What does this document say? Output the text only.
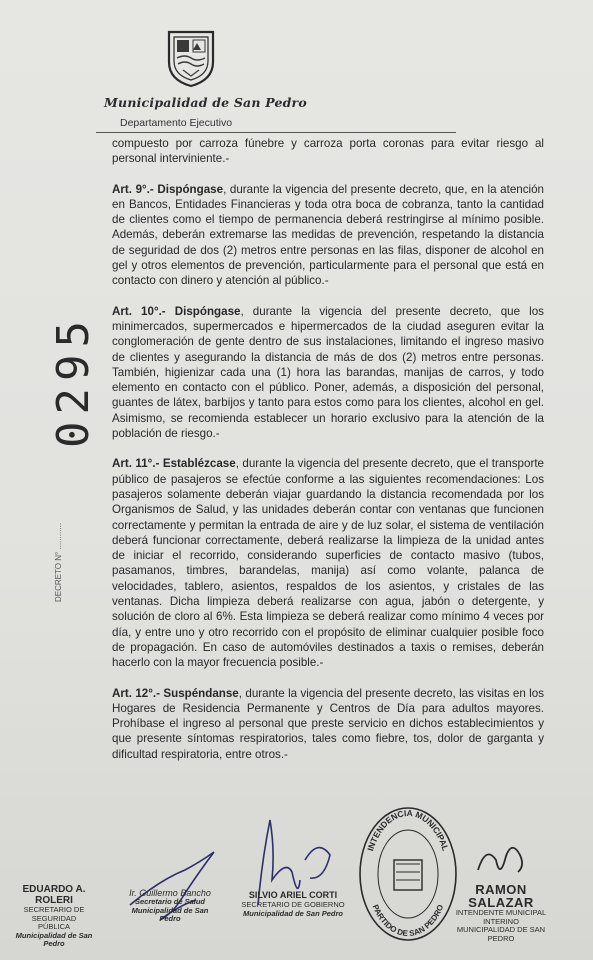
Municipalidad de San Pedro
Departamento Ejecutivo
0295
DECRETO N° ............

compuesto por carroza fúnebre y carroza porta coronas para evitar riesgo al personal interviniente.-

Art. 9°.- Dispóngase, durante la vigencia del presente decreto, que, en la atención en Bancos, Entidades Financieras y toda otra boca de cobranza, tanto la cantidad de clientes como el tiempo de permanencia deberá restringirse al mínimo posible. Además, deberán extremarse las medidas de prevención, respetando la distancia de seguridad de dos (2) metros entre personas en las filas, disponer de alcohol en gel y otros elementos de prevención, particularmente para el personal que está en contacto con dinero y atención al público.-

Art. 10°.- Dispóngase, durante la vigencia del presente decreto, que los minimercados, supermercados e hipermercados de la ciudad aseguren evitar la conglomeración de gente dentro de sus instalaciones, limitando el ingreso masivo de clientes y asegurando la distancia de más de dos (2) metros entre personas. También, higienizar cada una (1) hora las barandas, manijas de carros, y todo elemento en contacto con el público. Poner, además, a disposición del personal, guantes de látex, barbijos y tanto para estos como para los clientes, alcohol en gel. Asimismo, se recomienda establecer un horario exclusivo para la atención de la población de riesgo.-

Art. 11°.- Establézcase, durante la vigencia del presente decreto, que el transporte público de pasajeros se efectúe conforme a las siguientes recomendaciones: Los pasajeros solamente deberán viajar guardando la distancia recomendada por los Organismos de Salud, y las unidades deberán contar con ventanas que funcionen correctamente y permitan la entrada de aire y de luz solar, el sistema de ventilación deberá funcionar correctamente, deberá realizarse la limpieza de la unidad antes de iniciar el recorrido, considerando superficies de contacto masivo (tubos, pasamanos, timbres, barandelas, manija) así como volante, palanca de velocidades, tablero, asientos, respaldos de los asientos, y cristales de las ventanas. Dicha limpieza deberá realizarse con agua, jabón o detergente, y solución de cloro al 6%. Esta limpieza se deberá realizar como mínimo 4 veces por día, y entre uno y otro recorrido con el propósito de eliminar cualquier posible foco de propagación. En caso de automóviles destinados a taxis o remises, deberán hacerlo con la mayor frecuencia posible.-

Art. 12°.- Suspéndanse, durante la vigencia del presente decreto, las visitas en los Hogares de Residencia Permanente y Centros de Día para adultos mayores. Prohíbase el ingreso al personal que preste servicio en dichos establecimientos y que presente síntomas respiratorios, tales como fiebre, tos, dolor de garganta y dificultad respiratoria, entre otros.-

INTENDENCIA MUNICIPAL
PARTIDO DE SAN PEDRO
EDUARDO A. ROLERI
SECRETARIO DE SEGURIDAD
PÚBLICA
Municipalidad de San Pedro
Ir. Guillermo Bancho
Secretario de Salud
Municipalidad de San Pedro
SILVIO ARIEL CORTI
SECRETARIO DE GOBIERNO
Municipalidad de San Pedro
RAMON SALAZAR
INTENDENTE MUNICIPAL
INTERINO
MUNICIPALIDAD DE SAN PEDRO
